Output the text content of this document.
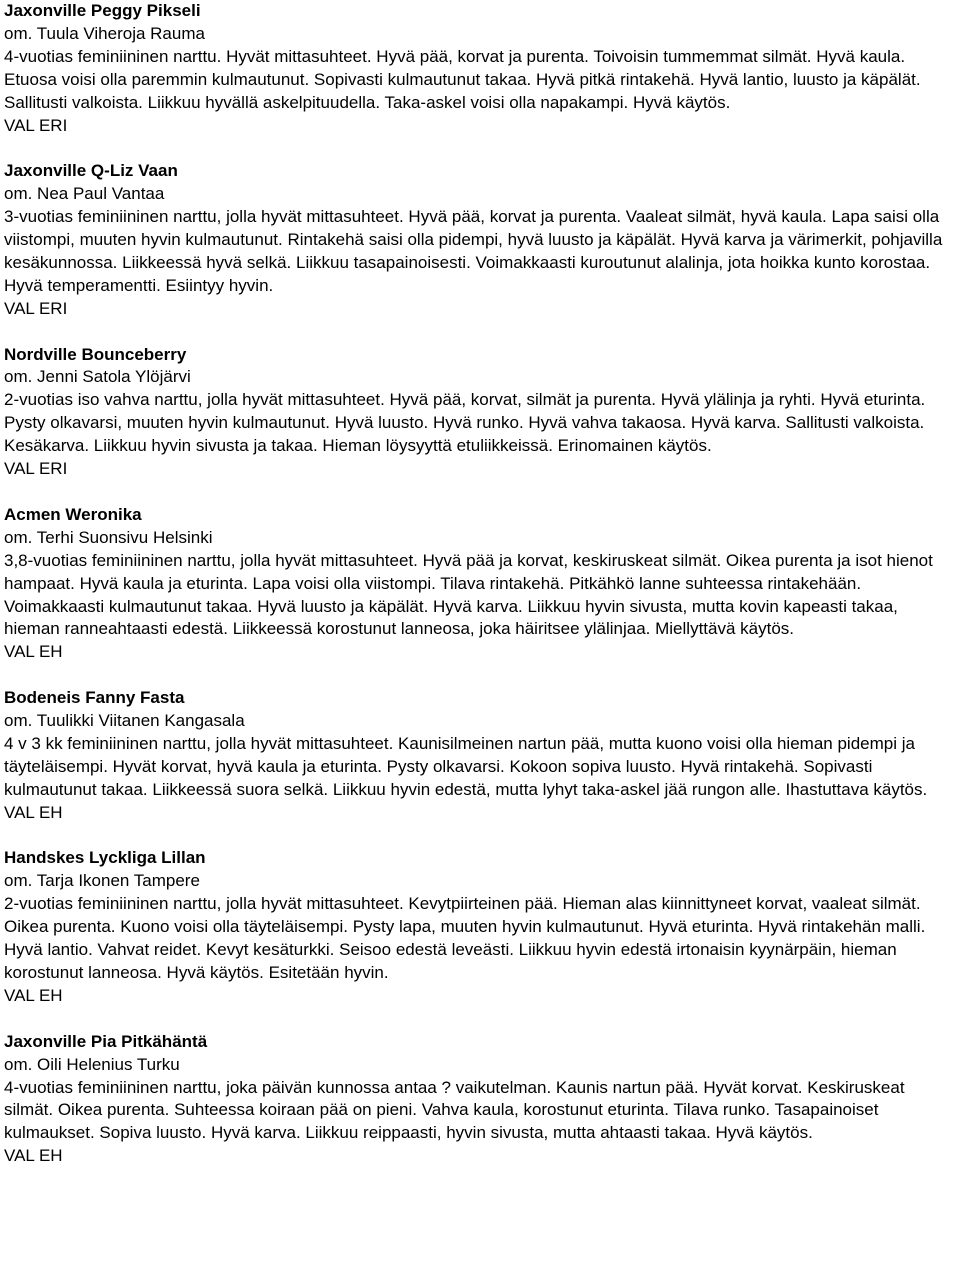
Jaxonville Peggy Pikseli
om. Tuula Viheroja Rauma
4-vuotias feminiininen narttu. Hyvät mittasuhteet. Hyvä pää, korvat ja purenta. Toivoisin tummemmat silmät. Hyvä kaula. Etuosa voisi olla paremmin kulmautunut. Sopivasti kulmautunut takaa. Hyvä pitkä rintakehä. Hyvä lantio, luusto ja käpälät. Sallitusti valkoista. Liikkuu hyvällä askelpituudella. Taka-askel voisi olla napakampi. Hyvä käytös.
VAL ERI
Jaxonville Q-Liz Vaan
om. Nea Paul Vantaa
3-vuotias feminiininen narttu, jolla hyvät mittasuhteet. Hyvä pää, korvat ja purenta. Vaaleat silmät, hyvä kaula. Lapa saisi olla viistompi, muuten hyvin kulmautunut. Rintakehä saisi olla pidempi, hyvä luusto ja käpälät. Hyvä karva ja värimerkit, pohjavilla kesäkunnossa. Liikkeessä hyvä selkä. Liikkuu tasapainoisesti. Voimakkaasti kuroutunut alalinja, jota hoikka kunto korostaa. Hyvä temperamentti. Esiintyy hyvin.
VAL ERI
Nordville Bounceberry
om. Jenni Satola Ylöjärvi
2-vuotias iso vahva narttu, jolla hyvät mittasuhteet. Hyvä pää, korvat, silmät ja purenta. Hyvä ylälinja ja ryhti. Hyvä eturinta. Pysty olkavarsi, muuten hyvin kulmautunut. Hyvä luusto. Hyvä runko. Hyvä vahva takaosa. Hyvä karva. Sallitusti valkoista. Kesäkarva. Liikkuu hyvin sivusta ja takaa. Hieman löysyyttä etuliikkeissä. Erinomainen käytös.
VAL ERI
Acmen Weronika
om. Terhi Suonsivu Helsinki
3,8-vuotias feminiininen narttu, jolla hyvät mittasuhteet. Hyvä pää ja korvat, keskiruskeat silmät. Oikea purenta ja isot hienot hampaat. Hyvä kaula ja eturinta. Lapa voisi olla viistompi. Tilava rintakehä. Pitkähkö lanne suhteessa rintakehään. Voimakkaasti kulmautunut takaa. Hyvä luusto ja käpälät. Hyvä karva. Liikkuu hyvin sivusta, mutta kovin kapeasti takaa, hieman ranneahtaasti edestä. Liikkeessä korostunut lanneosa, joka häiritsee ylälinjaa. Miellyttävä käytös.
VAL EH
Bodeneis Fanny Fasta
om. Tuulikki Viitanen Kangasala
4 v 3 kk feminiininen narttu, jolla hyvät mittasuhteet. Kaunisilmeinen nartun pää, mutta kuono voisi olla hieman pidempi ja täyteläisempi. Hyvät korvat, hyvä kaula ja eturinta. Pysty olkavarsi. Kokoon sopiva luusto. Hyvä rintakehä. Sopivasti kulmautunut takaa. Liikkeessä suora selkä. Liikkuu hyvin edestä, mutta lyhyt taka-askel jää rungon alle. Ihastuttava käytös.
VAL EH
Handskes Lyckliga Lillan
om. Tarja Ikonen Tampere
2-vuotias feminiininen narttu, jolla hyvät mittasuhteet. Kevytpiirteinen pää. Hieman alas kiinnittyneet korvat, vaaleat silmät. Oikea purenta. Kuono voisi olla täyteläisempi. Pysty lapa, muuten hyvin kulmautunut. Hyvä eturinta. Hyvä rintakehän malli. Hyvä lantio. Vahvat reidet. Kevyt kesäturkki. Seisoo edestä leveästi. Liikkuu hyvin edestä irtonaisin kyynärpäin, hieman korostunut lanneosa. Hyvä käytös. Esitetään hyvin.
VAL EH
Jaxonville Pia Pitkähäntä
om. Oili Helenius Turku
4-vuotias feminiininen narttu, joka päivän kunnossa antaa ? vaikutelman. Kaunis nartun pää. Hyvät korvat. Keskiruskeat silmät. Oikea purenta. Suhteessa koiraan pää on pieni. Vahva kaula, korostunut eturinta. Tilava runko. Tasapainoiset kulmaukset. Sopiva luusto. Hyvä karva. Liikkuu reippaasti, hyvin sivusta, mutta ahtaasti takaa. Hyvä käytös.
VAL EH
